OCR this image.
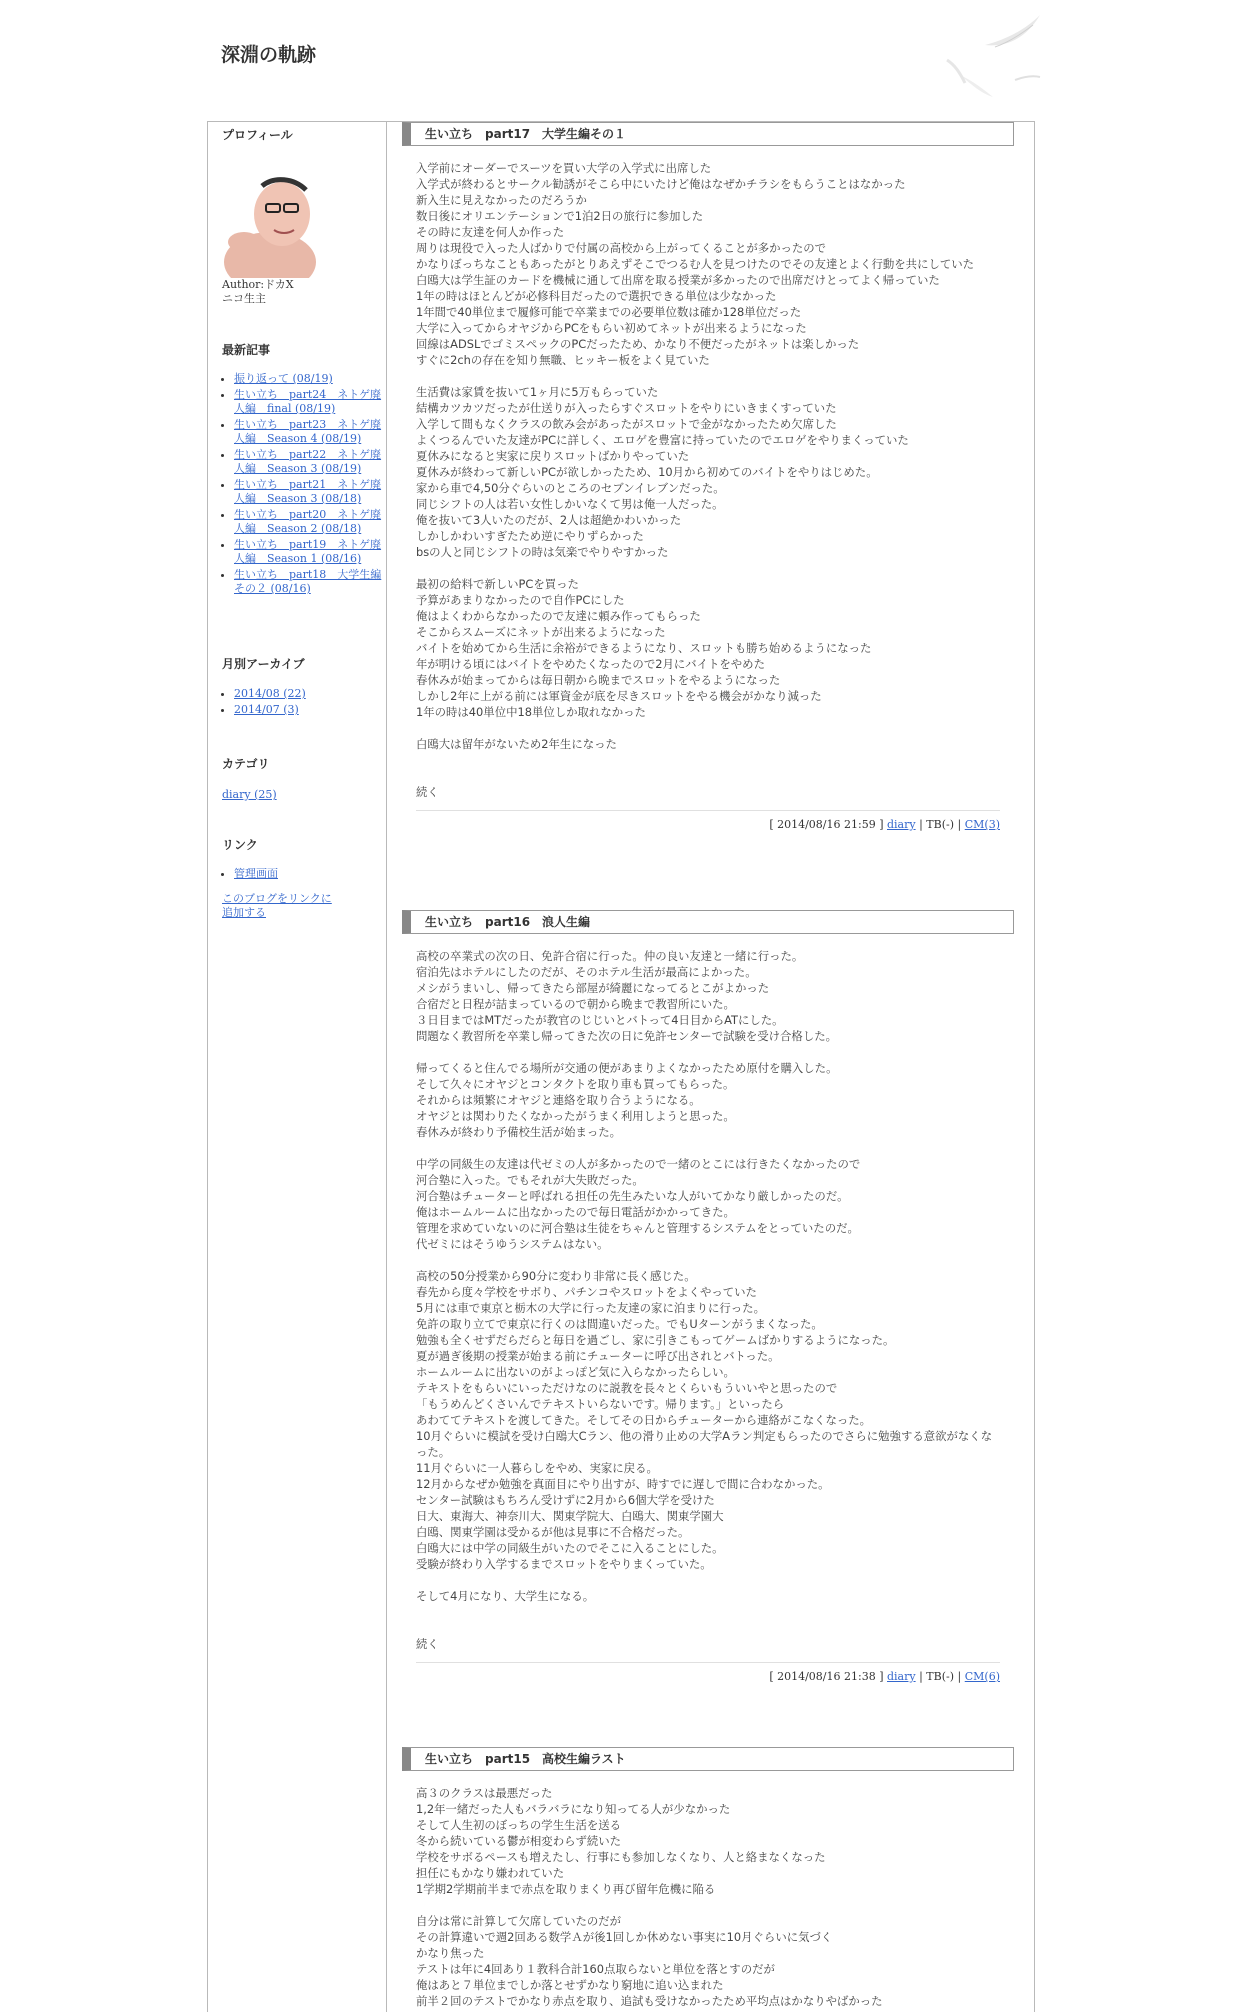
深淵の軌跡
プロフィール
Author:ドカX
ニコ生主
最新記事
• 振り返って (08/19)
• 生い立ち　part24　ネトゲ廃人編　final (08/19)
• 生い立ち　part23　ネトゲ廃人編　Season 4 (08/19)
• 生い立ち　part22　ネトゲ廃人編　Season 3 (08/19)
• 生い立ち　part21　ネトゲ廃人編　Season 3 (08/18)
• 生い立ち　part20　ネトゲ廃人編　Season 2 (08/18)
• 生い立ち　part19　ネトゲ廃人編　Season 1 (08/16)
• 生い立ち　part18　大学生編その２ (08/16)
月別アーカイブ
• 2014/08 (22)
• 2014/07 (3)
カテゴリ
diary (25)
リンク
• 管理画面
このブログをリンクに追加する
生い立ち　part17　大学生編その１

入学前にオーダーでスーツを買い大学の入学式に出席した
入学式が終わるとサークル勧誘がそこら中にいたけど俺はなぜかチラシをもらうことはなかった
新入生に見えなかったのだろうか
数日後にオリエンテーションで1泊2日の旅行に参加した
その時に友達を何人か作った
周りは現役で入った人ばかりで付属の高校から上がってくることが多かったので
かなりぼっちなこともあったがとりあえずそこでつるむ人を見つけたのでその友達とよく行動を共にしていた
白鴎大は学生証のカードを機械に通して出席を取る授業が多かったので出席だけとってよく帰っていた
1年の時はほとんどが必修科目だったので選択できる単位は少なかった
1年間で40単位まで履修可能で卒業までの必要単位数は確か128単位だった
大学に入ってからオヤジからPCをもらい初めてネットが出来るようになった
回線はADSLでゴミスペックのPCだったため、かなり不便だったがネットは楽しかった
すぐに2chの存在を知り無職、ヒッキー板をよく見ていた

生活費は家賃を抜いて1ヶ月に5万もらっていた
結構カツカツだったが仕送りが入ったらすぐスロットをやりにいきまくすっていた
入学して間もなくクラスの飲み会があったがスロットで金がなかったため欠席した
よくつるんでいた友達がPCに詳しく、エロゲを豊富に持っていたのでエロゲをやりまくっていた
夏休みになると実家に戻りスロットばかりやっていた
夏休みが終わって新しいPCが欲しかったため、10月から初めてのバイトをやりはじめた。
家から車で4,50分ぐらいのところのセブンイレブンだった。
同じシフトの人は若い女性しかいなくて男は俺一人だった。
俺を抜いて3人いたのだが、2人は超絶かわいかった
しかしかわいすぎたため逆にやりずらかった
bsの人と同じシフトの時は気楽でやりやすかった

最初の給料で新しいPCを買った
予算があまりなかったので自作PCにした
俺はよくわからなかったので友達に頼み作ってもらった
そこからスムーズにネットが出来るようになった
バイトを始めてから生活に余裕ができるようになり、スロットも勝ち始めるようになった
年が明ける頃にはバイトをやめたくなったので2月にバイトをやめた
春休みが始まってからは毎日朝から晩までスロットをやるようになった
しかし2年に上がる前には軍資金が底を尽きスロットをやる機会がかなり減った
1年の時は40単位中18単位しか取れなかった

白鴎大は留年がないため2年生になった

続く

[ 2014/08/16 21:59 ] diary | TB(-) | CM(3)
生い立ち　part16　浪人生編

高校の卒業式の次の日、免許合宿に行った。仲の良い友達と一緒に行った。
宿泊先はホテルにしたのだが、そのホテル生活が最高によかった。
メシがうまいし、帰ってきたら部屋が綺麗になってるとこがよかった
合宿だと日程が詰まっているので朝から晩まで教習所にいた。
３日目まではMTだったが教官のじじいとバトって4日目からATにした。
問題なく教習所を卒業し帰ってきた次の日に免許センターで試験を受け合格した。

帰ってくると住んでる場所が交通の便があまりよくなかったため原付を購入した。
そして久々にオヤジとコンタクトを取り車も買ってもらった。
それからは頻繁にオヤジと連絡を取り合うようになる。
オヤジとは関わりたくなかったがうまく利用しようと思った。
春休みが終わり予備校生活が始まった。

中学の同級生の友達は代ゼミの人が多かったので一緒のとこには行きたくなかったので
河合塾に入った。でもそれが大失敗だった。
河合塾はチューターと呼ばれる担任の先生みたいな人がいてかなり厳しかったのだ。
俺はホームルームに出なかったので毎日電話がかかってきた。
管理を求めていないのに河合塾は生徒をちゃんと管理するシステムをとっていたのだ。
代ゼミにはそうゆうシステムはない。

高校の50分授業から90分に変わり非常に長く感じた。
春先から度々学校をサボり、パチンコやスロットをよくやっていた
5月には車で東京と栃木の大学に行った友達の家に泊まりに行った。
免許の取り立てで東京に行くのは間違いだった。でもUターンがうまくなった。
勉強も全くせずだらだらと毎日を過ごし、家に引きこもってゲームばかりするようになった。
夏が過ぎ後期の授業が始まる前にチューターに呼び出されとバトった。
ホームルームに出ないのがよっぽど気に入らなかったらしい。
テキストをもらいにいっただけなのに説教を長々とくらいもういいやと思ったので
「もうめんどくさいんでテキストいらないです。帰ります。」といったら
あわててテキストを渡してきた。そしてその日からチューターから連絡がこなくなった。
10月ぐらいに模試を受け白鴎大Cラン、他の滑り止めの大学Aラン判定もらったのでさらに勉強する意欲がなくなった。
11月ぐらいに一人暮らしをやめ、実家に戻る。
12月からなぜか勉強を真面目にやり出すが、時すでに遅しで間に合わなかった。
センター試験はもちろん受けずに2月から6個大学を受けた
日大、東海大、神奈川大、関東学院大、白鴎大、関東学園大
白鴎、関東学園は受かるが他は見事に不合格だった。
白鴎大には中学の同級生がいたのでそこに入ることにした。
受験が終わり入学するまでスロットをやりまくっていた。

そして4月になり、大学生になる。

続く

[ 2014/08/16 21:38 ] diary | TB(-) | CM(6)
生い立ち　part15　高校生編ラスト

高３のクラスは最悪だった
1,2年一緒だった人もバラバラになり知ってる人が少なかった
そして人生初のぼっちの学生生活を送る
冬から続いている鬱が相変わらず続いた
学校をサボるペースも増えたし、行事にも参加しなくなり、人と絡まなくなった
担任にもかなり嫌われていた
1学期2学期前半まで赤点を取りまくり再び留年危機に陥る

自分は常に計算して欠席していたのだが
その計算違いで週2回ある数学Ａが後1回しか休めない事実に10月ぐらいに気づく
かなり焦った
テストは年に4回あり１教科合計160点取らないと単位を落とすのだが
俺はあと７単位までしか落とせずかなり窮地に追い込まれた
前半２回のテストでかなり赤点を取り、追試も受けなかったため平均点はかなりやばかった
